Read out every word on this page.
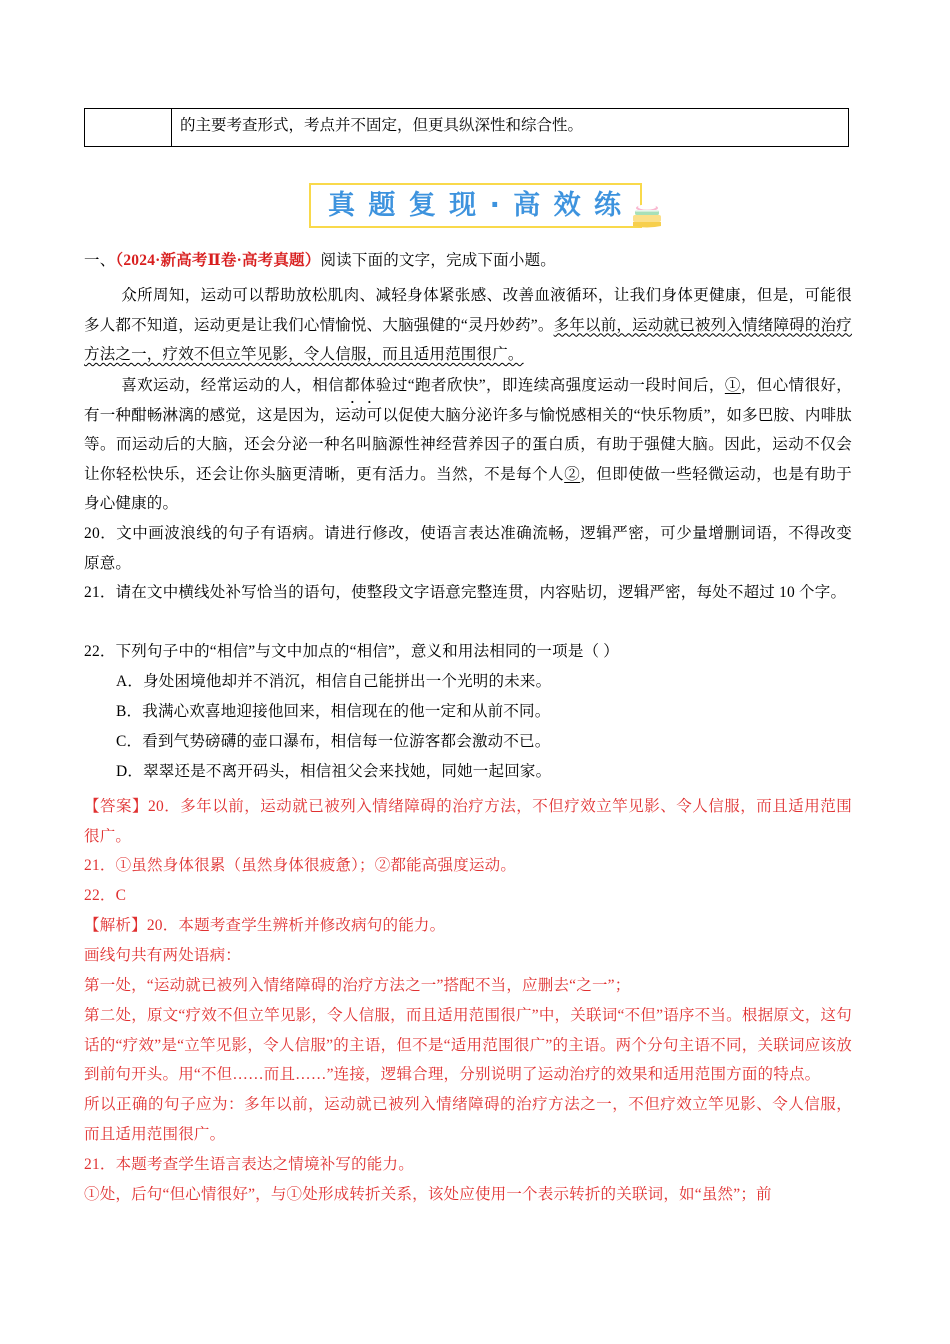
	的主要考查形式，考点并不固定，但更具纵深性和综合性。
真 题 复 现 · 高 效 练
一、（2024·新高考Ⅱ卷·高考真题）阅读下面的文字，完成下面小题。
众所周知，运动可以帮助放松肌肉、减轻身体紧张感、改善血液循环，让我们身体更健康，但是，可能很多人都不知道，运动更是让我们心情愉悦、大脑强健的“灵丹妙药”。多年以前，运动就已被列入情绪障碍的治疗方法之一，疗效不但立竿见影，令人信服，而且适用范围很广。
喜欢运动，经常运动的人，相信 ··都体验过“跑者欣快”，即连续高强度运动一段时间后，①，但心情很好，有一种酣畅淋漓的感觉，这是因为，运动可以促使大脑分泌许多与愉悦感相关的“快乐物质”，如多巴胺、内啡肽等。而运动后的大脑，还会分泌一种名叫脑源性神经营养因子的蛋白质，有助于强健大脑。因此，运动不仅会让你轻松快乐，还会让你头脑更清晰，更有活力。当然，不是每个人②，但即使做一些轻微运动，也是有助于身心健康的。
20．文中画波浪线的句子有语病。请进行修改，使语言表达准确流畅，逻辑严密，可少量增删词语，不得改变原意。
21．请在文中横线处补写恰当的语句，使整段文字语意完整连贯，内容贴切，逻辑严密，每处不超过 10 个字。
22．下列句子中的“相信”与文中加点的“相信”，意义和用法相同的一项是（ ）
A．身处困境他却并不消沉，相信自己能拼出一个光明的未来。
B．我满心欢喜地迎接他回来，相信现在的他一定和从前不同。
C．看到气势磅礴的壶口瀑布，相信每一位游客都会激动不已。
D．翠翠还是不离开码头，相信祖父会来找她，同她一起回家。
【答案】20．多年以前，运动就已被列入情绪障碍的治疗方法，不但疗效立竿见影、令人信服，而且适用范围很广。
21．①虽然身体很累（虽然身体很疲惫）；②都能高强度运动。
22．C
【解析】20．本题考查学生辨析并修改病句的能力。
画线句共有两处语病：
第一处，“运动就已被列入情绪障碍的治疗方法之一”搭配不当，应删去“之一”；
第二处，原文“疗效不但立竿见影，令人信服，而且适用范围很广”中，关联词“不但”语序不当。根据原文，这句话的“疗效”是“立竿见影，令人信服”的主语，但不是“适用范围很广”的主语。两个分句主语不同，关联词应该放到前句开头。用“不但……而且……”连接，逻辑合理，分别说明了运动治疗的效果和适用范围方面的特点。
所以正确的句子应为：多年以前，运动就已被列入情绪障碍的治疗方法之一，不但疗效立竿见影、令人信服，而且适用范围很广。
21．本题考查学生语言表达之情境补写的能力。
①处，后句“但心情很好”，与①处形成转折关系，该处应使用一个表示转折的关联词，如“虽然”；前
